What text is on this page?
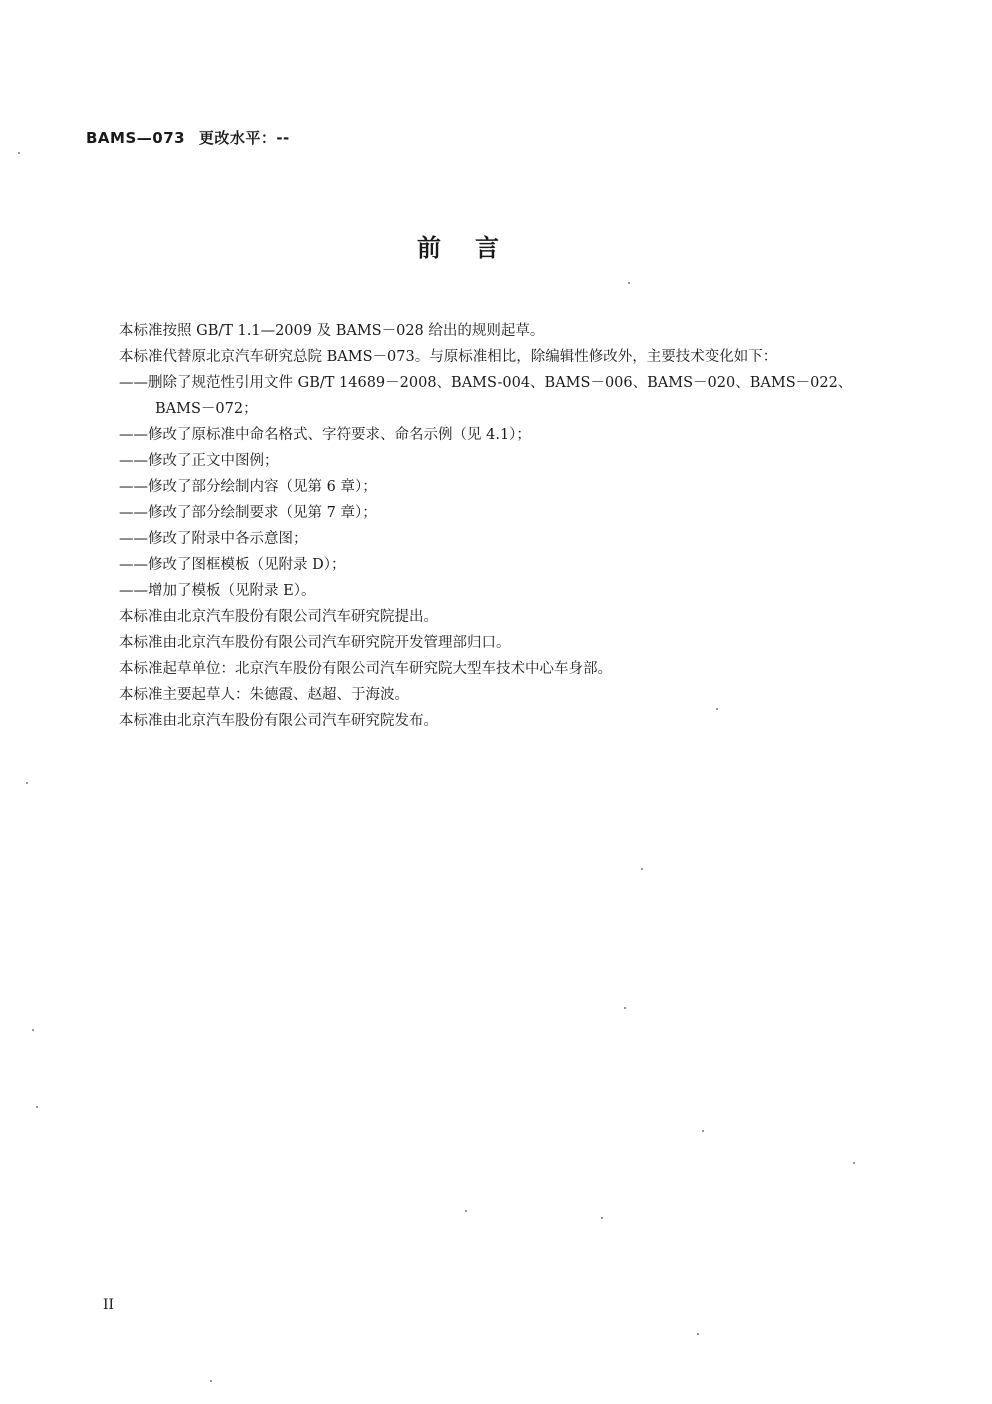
BAMS—073 更改水平：--
前言

本标准按照 GB/T 1.1—2009 及 BAMS－028 给出的规则起草。

本标准代替原北京汽车研究总院 BAMS－073。与原标准相比，除编辑性修改外，主要技术变化如下：

——删除了规范性引用文件 GB/T 14689－2008、BAMS-004、BAMS－006、BAMS－020、BAMS－022、

BAMS－072；

——修改了原标准中命名格式、字符要求、命名示例（见 4.1）；

——修改了正文中图例；

——修改了部分绘制内容（见第 6 章）；

——修改了部分绘制要求（见第 7 章）；

——修改了附录中各示意图；

——修改了图框模板（见附录 D）；

——增加了模板（见附录 E）。

本标准由北京汽车股份有限公司汽车研究院提出。

本标准由北京汽车股份有限公司汽车研究院开发管理部归口。

本标准起草单位：北京汽车股份有限公司汽车研究院大型车技术中心车身部。

本标准主要起草人：朱德霞、赵超、于海波。

本标准由北京汽车股份有限公司汽车研究院发布。

II
